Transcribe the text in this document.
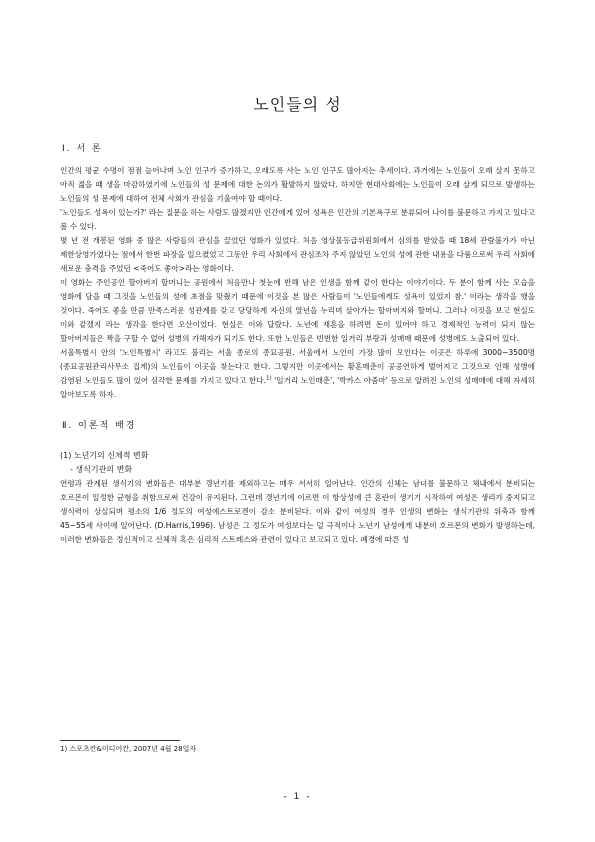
노인들의 성
Ⅰ. 서 론

인간의 평균 수명이 점점 늘어나며 노인 인구가 증가하고, 오래도록 사는 노인 인구도 많아지는 추세이다. 과거에는 노인들이 오래 살지 못하고 아직 젊을 때 생을 마감하였기에 노인들의 성 문제에 대한 논의가 활발하지 않았다. 하지만 현대사회에는 노인들이 오래 살게 되므로 발생하는 노인들의 성 문제에 대하여 전체 사회가 관심을 기울여야 할 때이다.

'노인들도 성욕이 있는가?' 라는 질문을 하는 사람도 많겠지만 인간에게 있어 성욕은 인간의 기본욕구로 분류되어 나이를 불문하고 가지고 있다고 볼 수 있다.

몇 년 전 개봉된 영화 중 많은 사람들의 관심을 끌었던 영화가 있었다. 처음 영상물등급위원회에서 심의를 받았을 때 18세 관람불가가 아닌 제한상영가였다는 점에서 한번 파장을 일으켰었고 그동안 우리 사회에서 관심조차 주지 않았던 노인의 성에 관한 내용을 다룸으로써 우리 사회에 새로운 충격을 주었던 <죽어도 좋아>라는 영화이다.

이 영화는 주인공인 할아버지 할머니는 공원에서 처음만나 첫눈에 반해 남은 인생을 함께 같이 한다는 이야기이다. 두 분이 함께 사는 모습을 영화에 담을 때 그것을 노인들의 성에 초점을 맞췄기 때문에 이것을 본 많은 사람들이 '노인들에게도 성욕이 있었지 참.' 이라는 생각을 했을 것이다. 죽어도 좋을 만큼 만족스러운 성관계를 갖고 당당하게 자신의 말년을 누리며 살아가는 할아버지와 할머니. 그러나 이것을 보고 현실도 이와 같겠지 라는 생각을 한다면 오산이었다. 현실은 이와 달랐다. 노년에 재혼을 하려면 돈이 있어야 하고 경제적인 능력이 되지 않는 할아버지들은 짝을 구할 수 없어 성병의 가해자가 되기도 한다. 또한 노인들은 빈번한 일거리 부랑과 성매매 때문에 성병에도 노출되어 있다.

서울특별시 안의 '노인특별시' 라고도 불리는 서울 종로의 종묘공원. 서울에서 노인이 가장 많이 모인다는 이곳은 하루에 3000~3500명(종묘공원관리사무소 집계)의 노인들이 이곳을 찾는다고 한다. 그렇지만 이곳에서는 황혼매춘이 공공연하게 벌어지고 그것으로 인해 성병에 감염된 노인들도 많이 있어 심각한 문제를 가지고 있다고 한다.$^{1)}$ '일거리 노인매춘', '박카스 아줌마' 등으로 알려진 노인의 성매매에 대해 자세히 알아보도록 하자.

Ⅱ. 이론적 배경

(1) 노년기의 신체적 변화

- 생식기관의 변화

연령과 관계된 생식기의 변화들은 대부분 갱년기를 제외하고는 매우 서서히 일어난다. 인간의 신체는 남녀를 불문하고 체내에서 분비되는 호르몬이 일정한 균형을 취함으로써 건강이 유지된다. 그런데 갱년기에 이르면 이 항상성에 큰 혼란이 생기기 시작하여 여성은 생리가 중지되고 생식력이 상실되며 평소의 1/6 정도의 여성에스트로겐이 감소 분비된다. 이와 같이 여성의 경우 인생의 변화는 생식기관의 위축과 함께 45~55세 사이에 일어난다. (D.Harris,1996). 남성은 그 정도가 여성보다는 덜 극적이나 노년기 남성에게 내분비 호르몬의 변화가 발생하는데, 이러한 변화들은 정신적이고 신체적 혹은 심리적 스트레스와 관련이 있다고 보고되고 있다. 폐경에 따른 성

1) 스포츠칸&미디어칸, 2007년 4월 28일자
- 1 -
